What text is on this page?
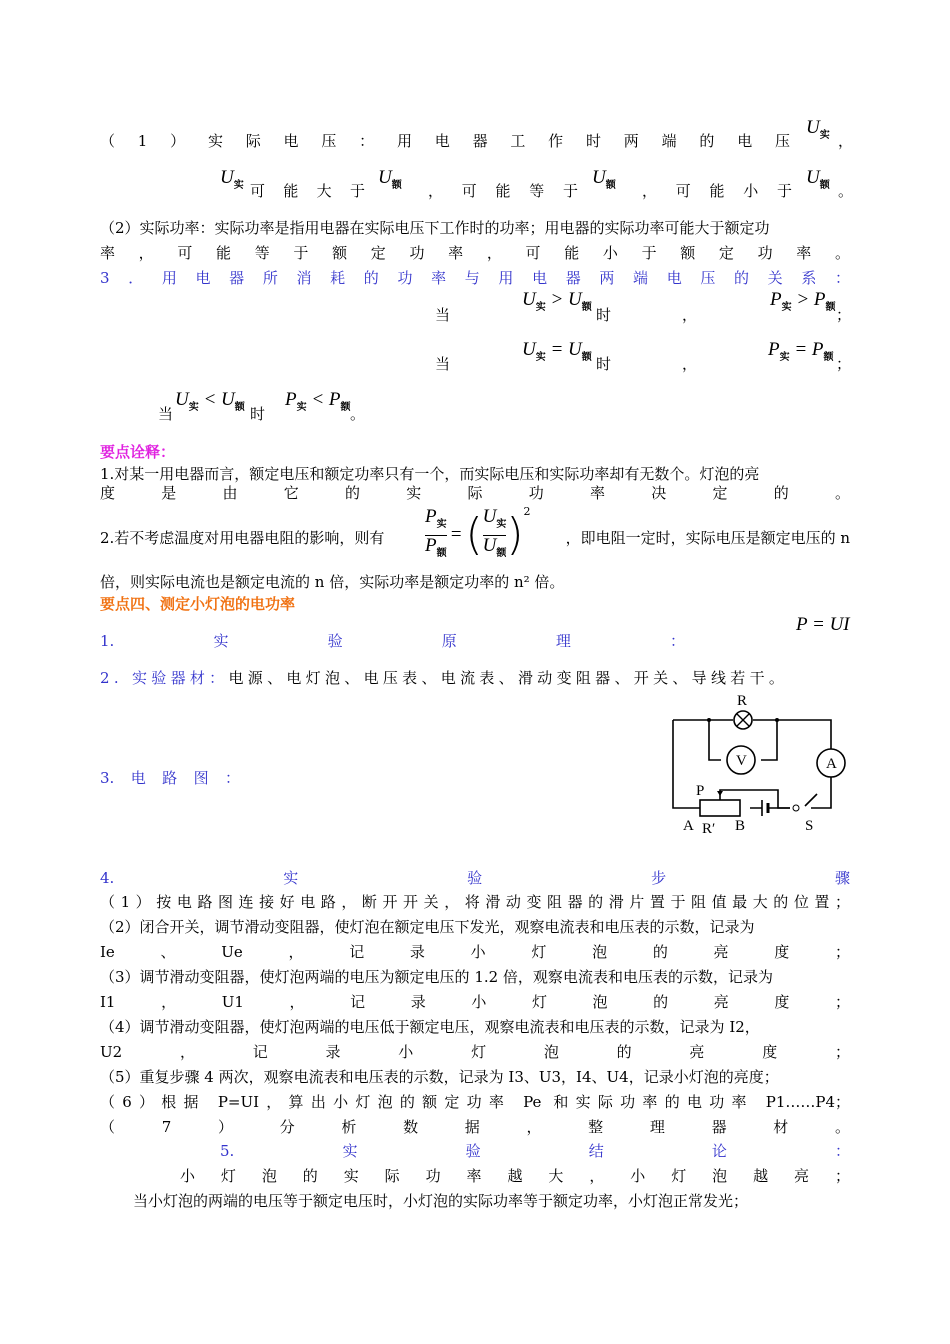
（1）实际电压：用电器工作时两端的电压
$U_实$ ，
$U_实$ 可能大于
$U_额$ ，可能等于
$U_额$ ，可能小于
$U_额$ 。
（2）实际功率：实际功率是指用电器在实际电压下工作时的功率；用电器的实际功率可能大于额定功
率，可能等于额定功率，可能小于额定功率。
3．用电器所消耗的功率与用电器两端电压的关系：
当
$U_实 > U_额$ 时	，
$P_实 > P_额$ ；
当
$U_实 = U_额$ 时	，
$P_实 = P_额$ ；
当
$U_实 < U_额$ 时
$P_实 < P_额$ 。
要点诠释：
1.对某一用电器而言，额定电压和额定功率只有一个，而实际电压和实际功率却有无数个。灯泡的亮
度是由它的实际功率决定的。
2.若不考虑温度对用电器电阻的影响，则有 $\frac{P_实}{P_额}$ = ( $\frac{U_实}{U_额}$ ) 2
，即电阻一定时，实际电压是额定电压的 n
倍，则实际电流也是额定电流的 n 倍，实际功率是额定功率的 n² 倍。
要点四、测定小灯泡的电功率
1.实验原理：
P = UI
2. 实验器材：电源、电灯泡、电压表、电流表、滑动变阻器、开关、导线若干。
3.电路图：
R
V	A
P
A R′ B	S
4.实验步骤
（1）按电路图连接好电路，断开开关，将滑动变阻器的滑片置于阻值最大的位置；
（2）闭合开关，调节滑动变阻器，使灯泡在额定电压下发光，观察电流表和电压表的示数，记录为
Ie、Ue，记录小灯泡的亮度；
（3）调节滑动变阻器，使灯泡两端的电压为额定电压的 1.2 倍，观察电流表和电压表的示数，记录为
I1，U1，记录小灯泡的亮度；
（4）调节滑动变阻器，使灯泡两端的电压低于额定电压，观察电流表和电压表的示数，记录为 I2，
U2，记录小灯泡的亮度；
（5）重复步骤 4 两次，观察电流表和电压表的示数，记录为 I3、U3，I4、U4，记录小灯泡的亮度；
（6）根据 P=UI，算出小灯泡的额定功率 Pe 和实际功率的电功率 P1……P4；
（7）分析数据，整理器材。
5.实验结论：
小灯泡的实际功率越大，小灯泡越亮；
当小灯泡的两端的电压等于额定电压时，小灯泡的实际功率等于额定功率，小灯泡正常发光；
